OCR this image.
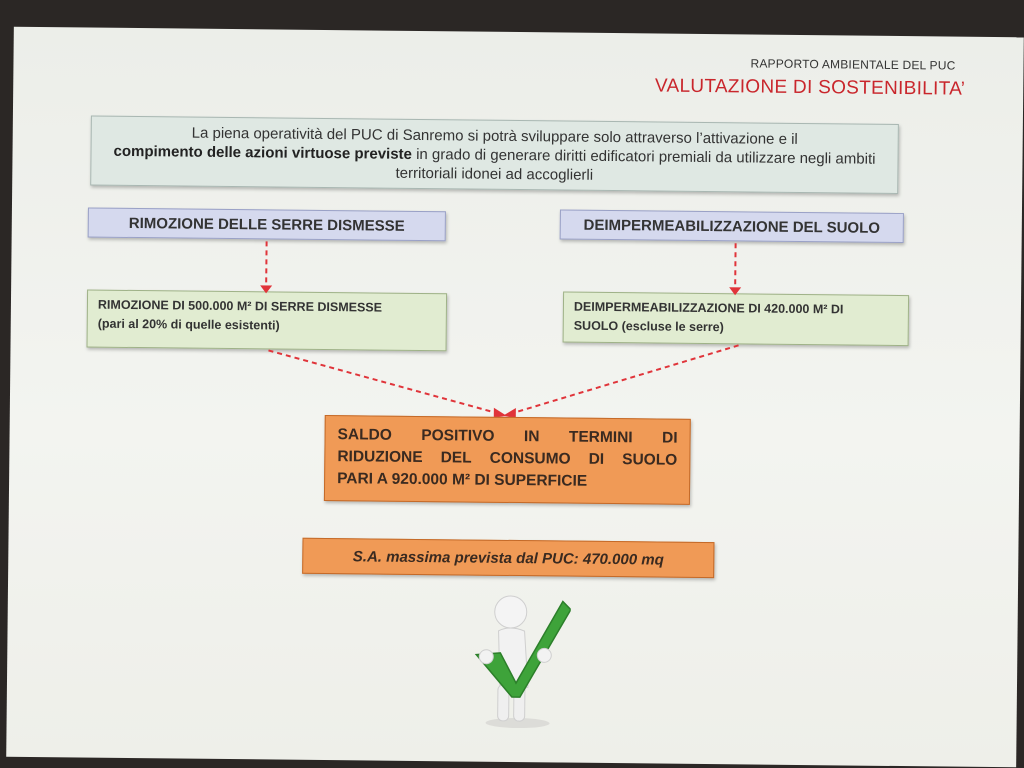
RAPPORTO AMBIENTALE DEL PUC
VALUTAZIONE DI SOSTENIBILITA’
La piena operatività del PUC di Sanremo si potrà sviluppare solo attraverso l’attivazione e il
compimento delle azioni virtuose previste in grado di generare diritti edificatori premiali da utilizzare negli ambiti territoriali idonei ad accoglierli
RIMOZIONE DELLE SERRE DISMESSE	DEIMPERMEABILIZZAZIONE DEL SUOLO
RIMOZIONE DI 500.000 M² DI SERRE DISMESSE
(pari al 20% di quelle esistenti)
DEIMPERMEABILIZZAZIONE DI 420.000 M² DI
SUOLO (escluse le serre)
SALDO POSITIVO IN TERMINI DI
RIDUZIONE DEL CONSUMO DI SUOLO
PARI A 920.000 M² DI SUPERFICIE
S.A. massima prevista dal PUC: 470.000 mq
